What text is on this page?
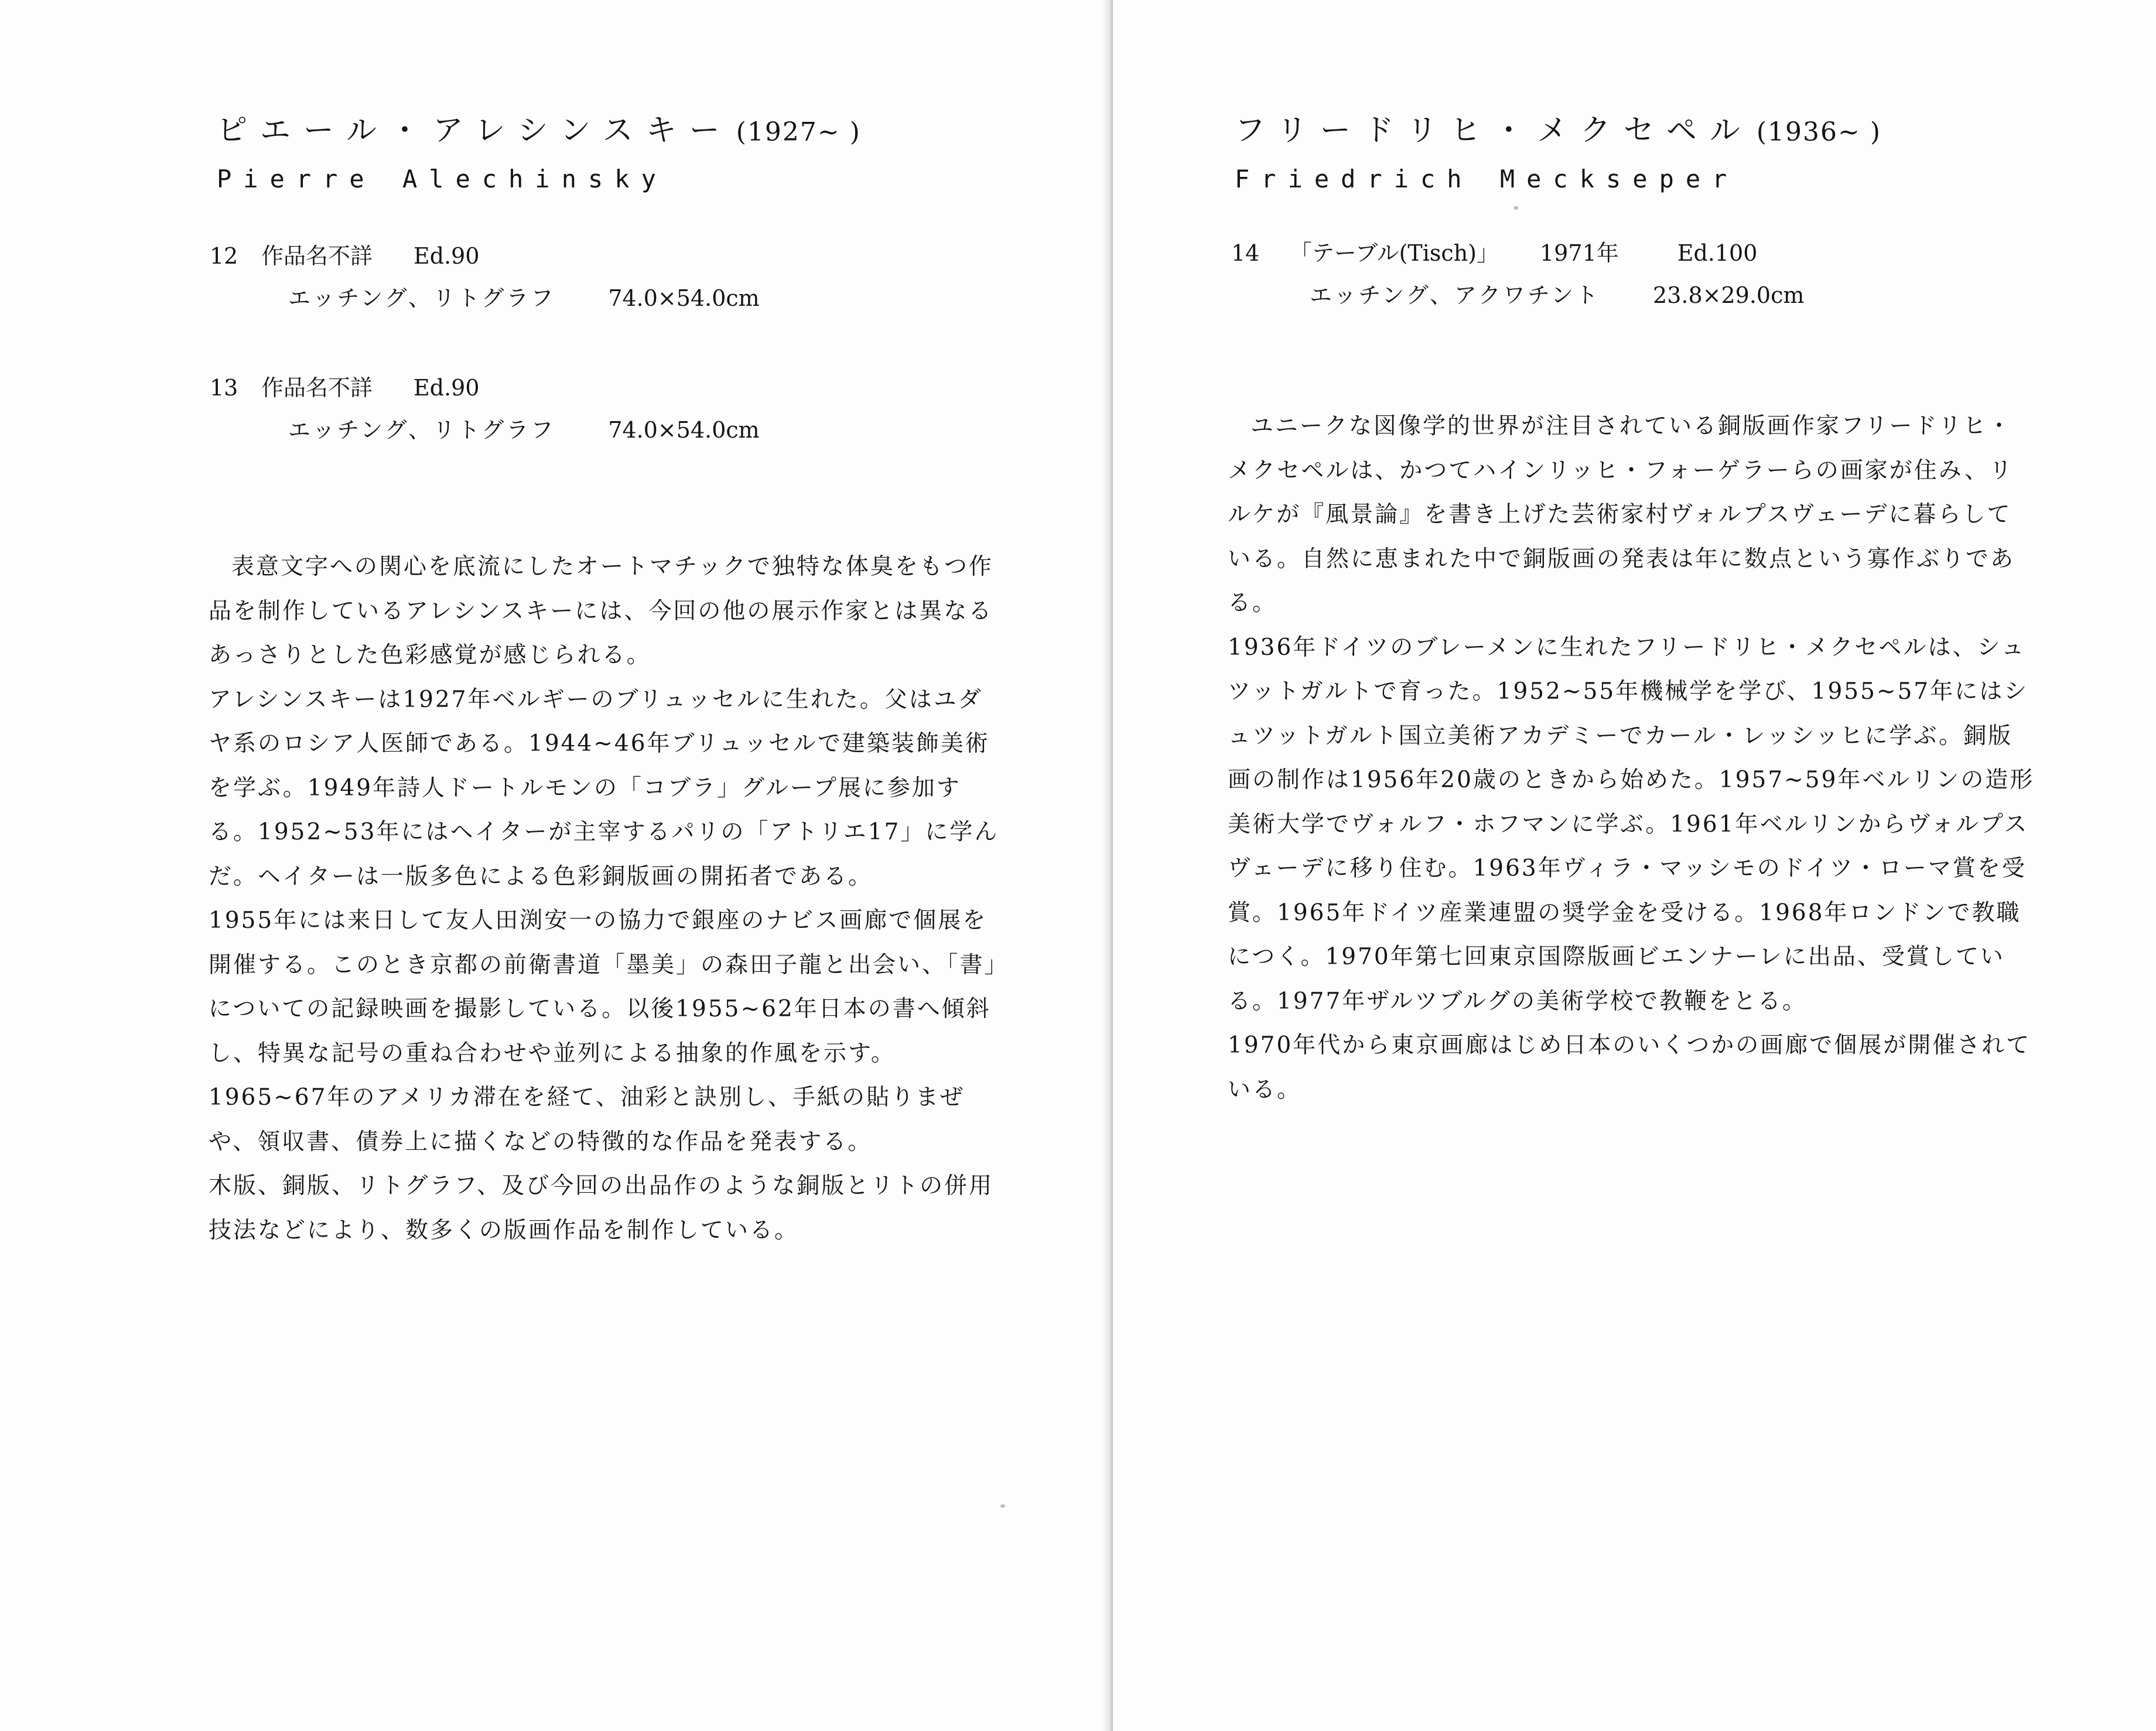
ピエール・アレシンスキー (1927~ )
Pierre Alechinsky
12	作品名不詳 Ed.90
エッチング、リトグラフ 74.0×54.0cm
13	作品名不詳 Ed.90
エッチング、リトグラフ 74.0×54.0cm

表意文字への関心を底流にしたオートマチックで独特な体臭をもつ作品を制作しているアレシンスキーには、今回の他の展示作家とは異なるあっさりとした色彩感覚が感じられる。

アレシンスキーは1927年ベルギーのブリュッセルに生れた。父はユダヤ系のロシア人医師である。1944~46年ブリュッセルで建築装飾美術を学ぶ。1949年詩人ドートルモンの「コブラ」グループ展に参加する。1952~53年にはヘイターが主宰するパリの「アトリエ17」に学んだ。ヘイターは一版多色による色彩銅版画の開拓者である。

1955年には来日して友人田渕安一の協力で銀座のナビス画廊で個展を開催する。このとき京都の前衛書道「墨美」の森田子龍と出会い、「書」についての記録映画を撮影している。以後1955~62年日本の書へ傾斜し、特異な記号の重ね合わせや並列による抽象的作風を示す。1965~67年のアメリカ滞在を経て、油彩と訣別し、手紙の貼りまぜや、領収書、債券上に描くなどの特徴的な作品を発表する。

木版、銅版、リトグラフ、及び今回の出品作のような銅版とリトの併用技法などにより、数多くの版画作品を制作している。

フリードリヒ・メクセペル (1936~ )
Friedrich Meckseper
14	「テーブル(Tisch)」 1971年	Ed.100
エッチング、アクワチント 23.8×29.0cm

ユニークな図像学的世界が注目されている銅版画作家フリードリヒ・メクセペルは、かつてハインリッヒ・フォーゲラーらの画家が住み、リルケが『風景論』を書き上げた芸術家村ヴォルプスヴェーデに暮らしている。自然に恵まれた中で銅版画の発表は年に数点という寡作ぶりである。

1936年ドイツのブレーメンに生れたフリードリヒ・メクセペルは、シュツットガルトで育った。1952~55年機械学を学び、1955~57年にはシュツットガルト国立美術アカデミーでカール・レッシッヒに学ぶ。銅版画の制作は1956年20歳のときから始めた。1957~59年ベルリンの造形美術大学でヴォルフ・ホフマンに学ぶ。1961年ベルリンからヴォルプスヴェーデに移り住む。1963年ヴィラ・マッシモのドイツ・ローマ賞を受賞。1965年ドイツ産業連盟の奨学金を受ける。1968年ロンドンで教職につく。1970年第七回東京国際版画ビエンナーレに出品、受賞している。1977年ザルツブルグの美術学校で教鞭をとる。

1970年代から東京画廊はじめ日本のいくつかの画廊で個展が開催されている。
